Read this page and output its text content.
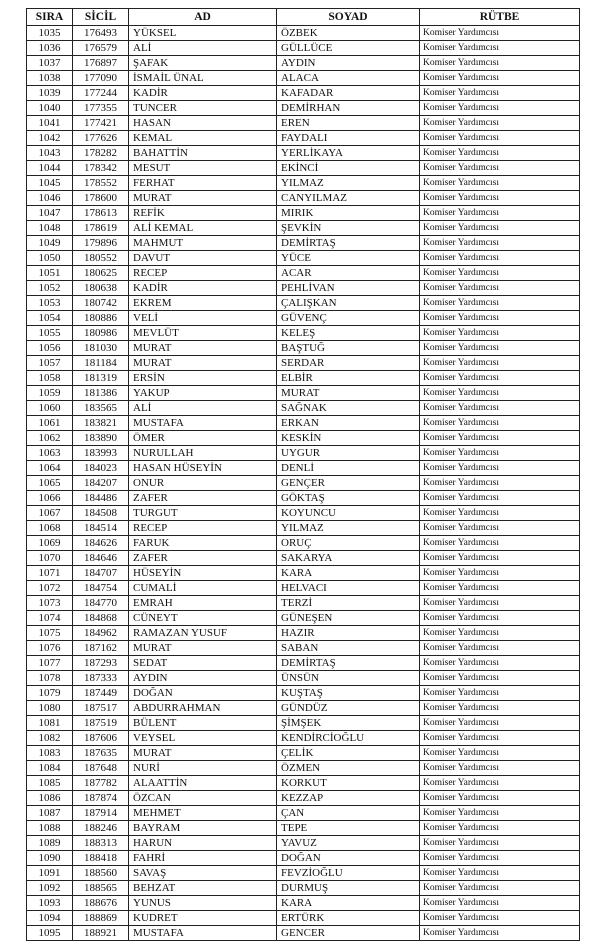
SIRA	SİCİL	AD	SOYAD	RÜTBE
1035	176493	YÜKSEL	ÖZBEK	Komiser Yardımcısı
1036	176579	ALİ	GÜLLÜCE	Komiser Yardımcısı
1037	176897	ŞAFAK	AYDIN	Komiser Yardımcısı
1038	177090	İSMAİL ÜNAL	ALACA	Komiser Yardımcısı
1039	177244	KADİR	KAFADAR	Komiser Yardımcısı
1040	177355	TUNCER	DEMİRHAN	Komiser Yardımcısı
1041	177421	HASAN	EREN	Komiser Yardımcısı
1042	177626	KEMAL	FAYDALI	Komiser Yardımcısı
1043	178282	BAHATTİN	YERLİKAYA	Komiser Yardımcısı
1044	178342	MESUT	EKİNCİ	Komiser Yardımcısı
1045	178552	FERHAT	YILMAZ	Komiser Yardımcısı
1046	178600	MURAT	CANYILMAZ	Komiser Yardımcısı
1047	178613	REFİK	MIRIK	Komiser Yardımcısı
1048	178619	ALİ KEMAL	ŞEVKİN	Komiser Yardımcısı
1049	179896	MAHMUT	DEMİRTAŞ	Komiser Yardımcısı
1050	180552	DAVUT	YÜCE	Komiser Yardımcısı
1051	180625	RECEP	ACAR	Komiser Yardımcısı
1052	180638	KADİR	PEHLİVAN	Komiser Yardımcısı
1053	180742	EKREM	ÇALIŞKAN	Komiser Yardımcısı
1054	180886	VELİ	GÜVENÇ	Komiser Yardımcısı
1055	180986	MEVLÜT	KELEŞ	Komiser Yardımcısı
1056	181030	MURAT	BAŞTUĞ	Komiser Yardımcısı
1057	181184	MURAT	SERDAR	Komiser Yardımcısı
1058	181319	ERSİN	ELBİR	Komiser Yardımcısı
1059	181386	YAKUP	MURAT	Komiser Yardımcısı
1060	183565	ALİ	SAĞNAK	Komiser Yardımcısı
1061	183821	MUSTAFA	ERKAN	Komiser Yardımcısı
1062	183890	ÖMER	KESKİN	Komiser Yardımcısı
1063	183993	NURULLAH	UYGUR	Komiser Yardımcısı
1064	184023	HASAN HÜSEYİN	DENLİ	Komiser Yardımcısı
1065	184207	ONUR	GENÇER	Komiser Yardımcısı
1066	184486	ZAFER	GÖKTAŞ	Komiser Yardımcısı
1067	184508	TURGUT	KOYUNCU	Komiser Yardımcısı
1068	184514	RECEP	YILMAZ	Komiser Yardımcısı
1069	184626	FARUK	ORUÇ	Komiser Yardımcısı
1070	184646	ZAFER	SAKARYA	Komiser Yardımcısı
1071	184707	HÜSEYİN	KARA	Komiser Yardımcısı
1072	184754	CUMALİ	HELVACI	Komiser Yardımcısı
1073	184770	EMRAH	TERZİ	Komiser Yardımcısı
1074	184868	CÜNEYT	GÜNEŞEN	Komiser Yardımcısı
1075	184962	RAMAZAN YUSUF	HAZIR	Komiser Yardımcısı
1076	187162	MURAT	SABAN	Komiser Yardımcısı
1077	187293	SEDAT	DEMİRTAŞ	Komiser Yardımcısı
1078	187333	AYDIN	ÜNSÜN	Komiser Yardımcısı
1079	187449	DOĞAN	KUŞTAŞ	Komiser Yardımcısı
1080	187517	ABDURRAHMAN	GÜNDÜZ	Komiser Yardımcısı
1081	187519	BÜLENT	ŞİMŞEK	Komiser Yardımcısı
1082	187606	VEYSEL	KENDİRCİOĞLU	Komiser Yardımcısı
1083	187635	MURAT	ÇELİK	Komiser Yardımcısı
1084	187648	NURİ	ÖZMEN	Komiser Yardımcısı
1085	187782	ALAATTİN	KORKUT	Komiser Yardımcısı
1086	187874	ÖZCAN	KEZZAP	Komiser Yardımcısı
1087	187914	MEHMET	ÇAN	Komiser Yardımcısı
1088	188246	BAYRAM	TEPE	Komiser Yardımcısı
1089	188313	HARUN	YAVUZ	Komiser Yardımcısı
1090	188418	FAHRİ	DOĞAN	Komiser Yardımcısı
1091	188560	SAVAŞ	FEVZİOĞLU	Komiser Yardımcısı
1092	188565	BEHZAT	DURMUŞ	Komiser Yardımcısı
1093	188676	YUNUS	KARA	Komiser Yardımcısı
1094	188869	KUDRET	ERTÜRK	Komiser Yardımcısı
1095	188921	MUSTAFA	GENCER	Komiser Yardımcısı
